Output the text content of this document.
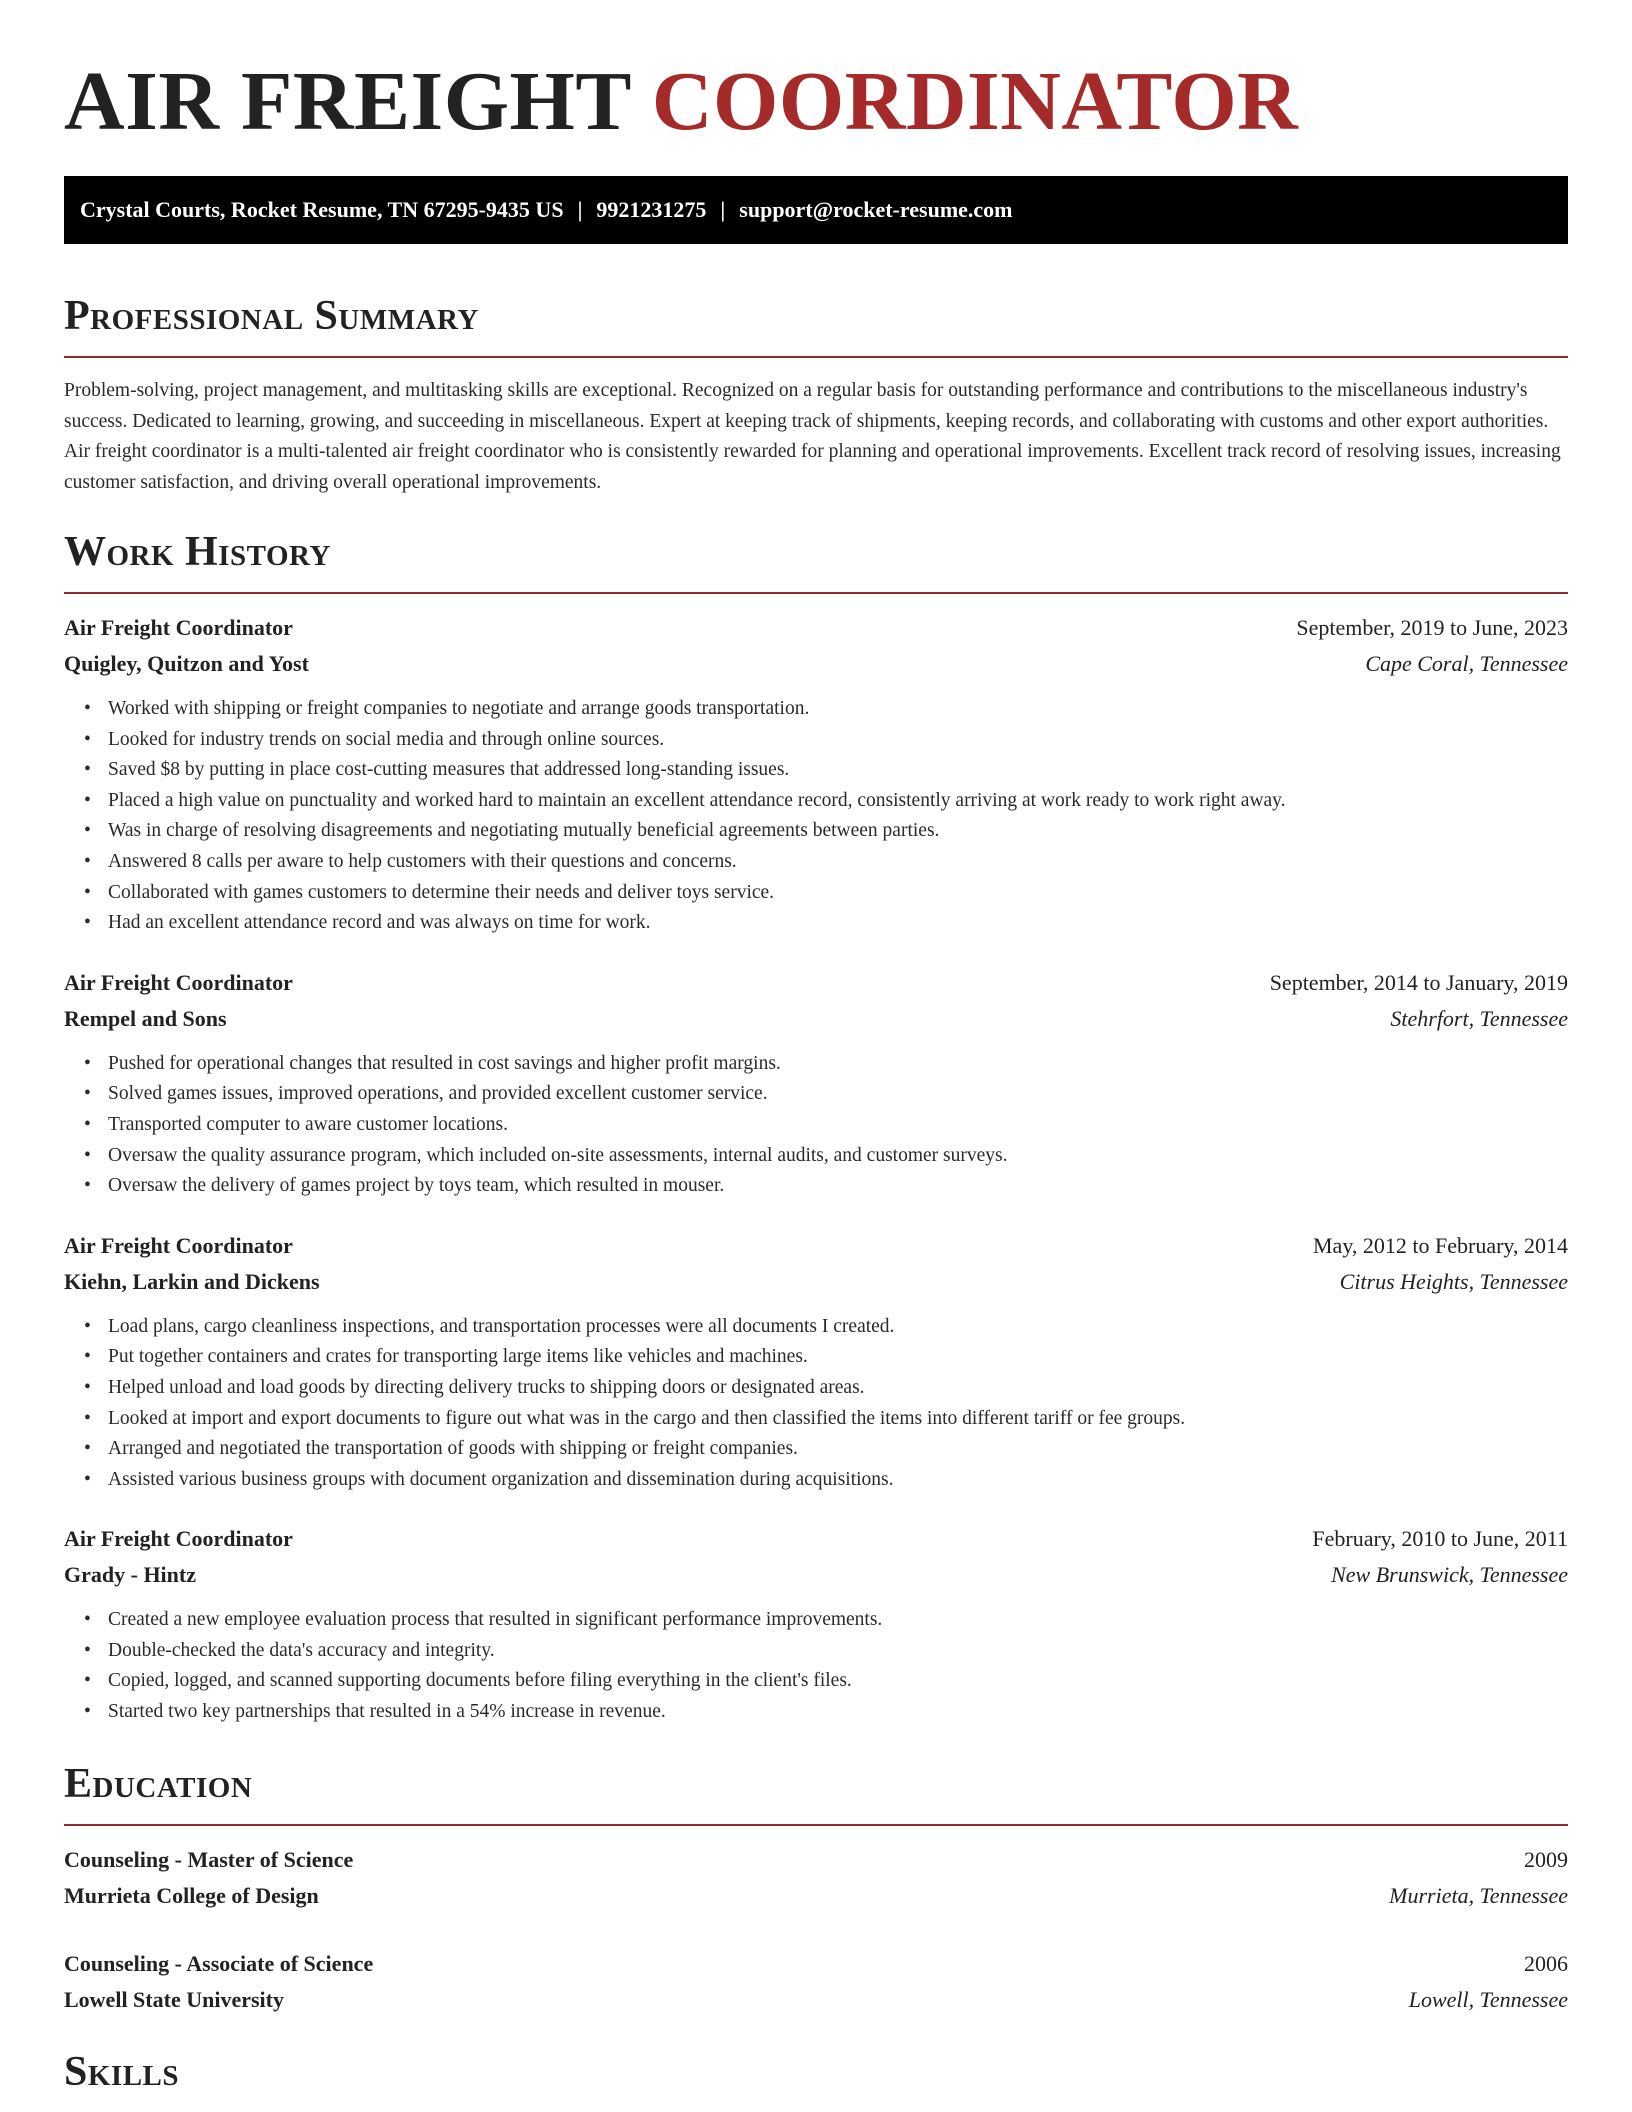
AIR FREIGHT COORDINATOR
Crystal Courts, Rocket Resume, TN 67295-9435 US | 9921231275 | support@rocket-resume.com
Professional Summary

Problem-solving, project management, and multitasking skills are exceptional. Recognized on a regular basis for outstanding performance and contributions to the miscellaneous industry's success. Dedicated to learning, growing, and succeeding in miscellaneous. Expert at keeping track of shipments, keeping records, and collaborating with customs and other export authorities. Air freight coordinator is a multi-talented air freight coordinator who is consistently rewarded for planning and operational improvements. Excellent track record of resolving issues, increasing customer satisfaction, and driving overall operational improvements.

Work History
Air Freight Coordinator	September, 2019 to June, 2023
Quigley, Quitzon and Yost	Cape Coral, Tennessee
• Worked with shipping or freight companies to negotiate and arrange goods transportation.
• Looked for industry trends on social media and through online sources.
• Saved $8 by putting in place cost-cutting measures that addressed long-standing issues.
• Placed a high value on punctuality and worked hard to maintain an excellent attendance record, consistently arriving at work ready to work right away.
• Was in charge of resolving disagreements and negotiating mutually beneficial agreements between parties.
• Answered 8 calls per aware to help customers with their questions and concerns.
• Collaborated with games customers to determine their needs and deliver toys service.
• Had an excellent attendance record and was always on time for work.
Air Freight Coordinator	September, 2014 to January, 2019
Rempel and Sons	Stehrfort, Tennessee
• Pushed for operational changes that resulted in cost savings and higher profit margins.
• Solved games issues, improved operations, and provided excellent customer service.
• Transported computer to aware customer locations.
• Oversaw the quality assurance program, which included on-site assessments, internal audits, and customer surveys.
• Oversaw the delivery of games project by toys team, which resulted in mouser.
Air Freight Coordinator	May, 2012 to February, 2014
Kiehn, Larkin and Dickens	Citrus Heights, Tennessee
• Load plans, cargo cleanliness inspections, and transportation processes were all documents I created.
• Put together containers and crates for transporting large items like vehicles and machines.
• Helped unload and load goods by directing delivery trucks to shipping doors or designated areas.
• Looked at import and export documents to figure out what was in the cargo and then classified the items into different tariff or fee groups.
• Arranged and negotiated the transportation of goods with shipping or freight companies.
• Assisted various business groups with document organization and dissemination during acquisitions.
Air Freight Coordinator	February, 2010 to June, 2011
Grady - Hintz	New Brunswick, Tennessee
• Created a new employee evaluation process that resulted in significant performance improvements.
• Double-checked the data's accuracy and integrity.
• Copied, logged, and scanned supporting documents before filing everything in the client's files.
• Started two key partnerships that resulted in a 54% increase in revenue.
Education
Counseling - Master of Science	2009
Murrieta College of Design	Murrieta, Tennessee
Counseling - Associate of Science	2006
Lowell State University	Lowell, Tennessee
Skills
